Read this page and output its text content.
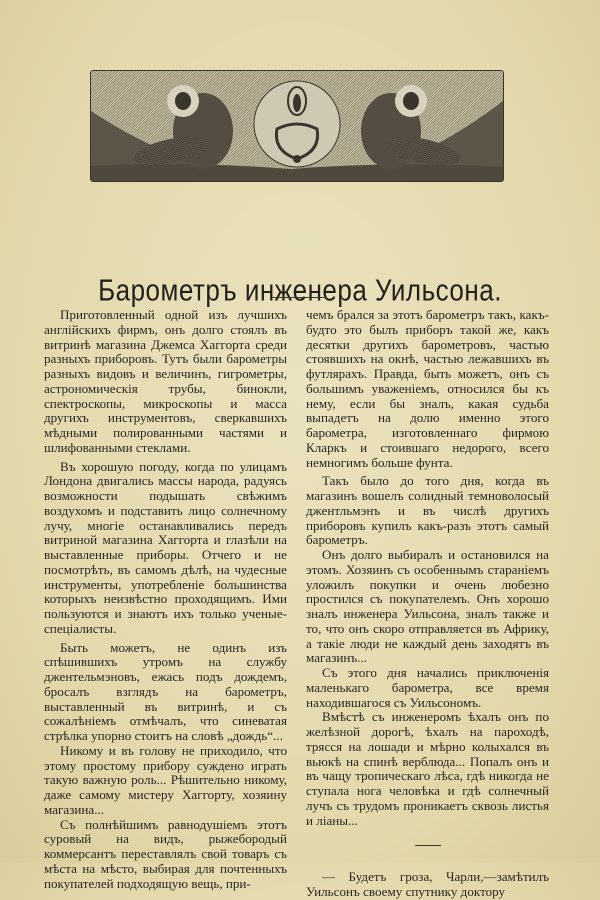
Барометръ инженера Уильсона.

Приготовленный одной изъ лучшихъ англійскихъ фирмъ, онъ долго стоялъ въ витринѣ магазина Джемса Хаггорта среди разныхъ приборовъ. Тутъ были барометры разныхъ видовъ и величинъ, гигрометры, астрономическія трубы, бинокли, спектроскопы, микроскопы и масса другихъ инструментовъ, сверкавшихъ мѣдными полированными частями и шлифованными стеклами.

Въ хорошую погоду, когда по улицамъ Лондона двигались массы народа, радуясь возможности подышать свѣжимъ воздухомъ и подставить лицо солнечному лучу, многіе останавливались передъ витриной магазина Хаггорта и глазѣли на выставленные приборы. Отчего и не посмотрѣть, въ самомъ дѣлѣ, на чудесные инструменты, употребленіе большинства которыхъ неизвѣстно проходящимъ. Ими пользуются и знаютъ ихъ только ученые-спеціалисты.

Быть можетъ, не одинъ изъ спѣшившихъ утромъ на службу джентельмэновъ, ежась подъ дождемъ, бросалъ взглядъ на барометръ, выставленный въ витринѣ, и съ сожалѣніемъ отмѣчалъ, что синеватая стрѣлка упорно стоитъ на словѣ „дождь“...

Никому и въ голову не приходило, что этому простому прибору суждено играть такую важную роль... Рѣшительно никому, даже самому мистеру Хаггорту, хозяину магазина...

Съ полнѣйшимъ равнодушіемъ этотъ суровый на видъ, рыжебородый коммерсантъ переставлялъ свой товаръ съ мѣста на мѣсто, выбирая для почтенныхъ покупателей подходящую вещь, при-

чемъ брался за этотъ барометръ такъ, какъ-будто это былъ приборъ такой же, какъ десятки другихъ барометровъ, частью стоявшихъ на окнѣ, частью лежавшихъ въ футлярахъ. Правда, быть можетъ, онъ съ большимъ уваженіемъ, относился бы къ нему, если бы зналъ, какая судьба выпадетъ на долю именно этого барометра, изготовленнаго фирмою Кларкъ и стоившаго недорого, всего немногимъ больше фунта.

Такъ было до того дня, когда въ магазинъ вошелъ солидный темноволосый джентльмэнъ и въ числѣ другихъ приборовъ купилъ какъ-разъ этотъ самый барометръ.

Онъ долго выбиралъ и остановился на этомъ. Хозяинъ съ особеннымъ стараніемъ уложилъ покупки и очень любезно простился съ покупателемъ. Онъ хорошо зналъ инженера Уильсона, зналъ также и то, что онъ скоро отправляется въ Африку, а такіе люди не каждый день заходятъ въ магазинъ...

Съ этого дня начались приключенія маленькаго барометра, все время находившагося съ Уильсономъ.

Вмѣстѣ съ инженеромъ ѣхалъ онъ по желѣзной дорогѣ, ѣхалъ на пароходѣ, трясся на лошади и мѣрно колыхался въ вьюкѣ на спинѣ верблюда... Попалъ онъ и въ чащу тропическаго лѣса, гдѣ никогда не ступала нога человѣка и гдѣ солнечный лучъ съ трудомъ проникаетъ сквозь листья и ліаны...

— Будетъ гроза, Чарли,—замѣтилъ Уильсонъ своему спутнику доктору
